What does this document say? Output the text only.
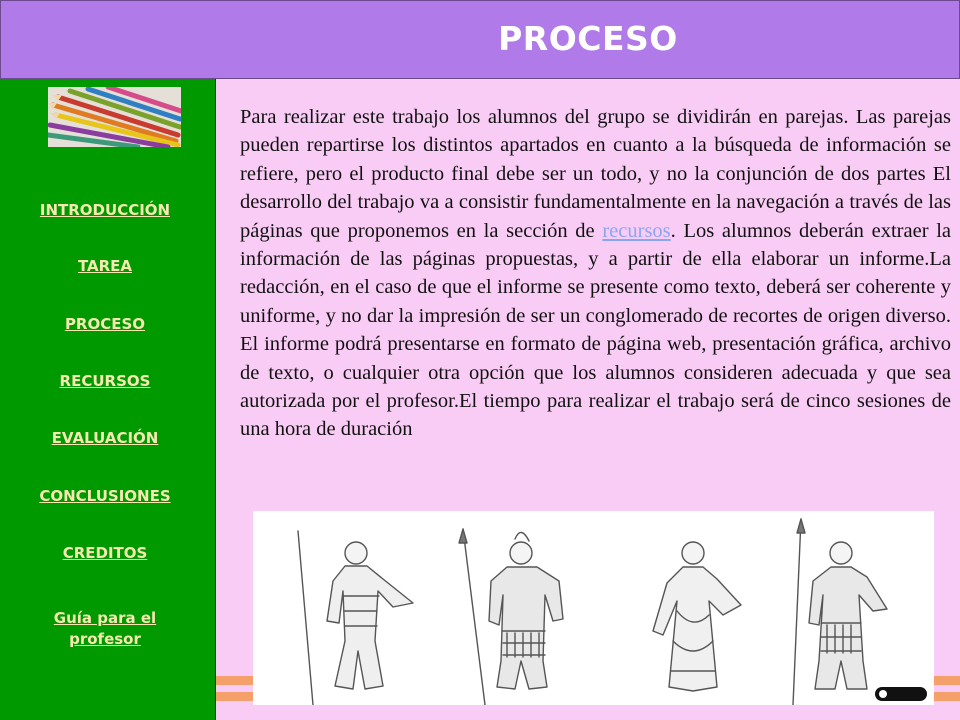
PROCESO
INTRODUCCIÓN
TAREA
PROCESO
RECURSOS
EVALUACIÓN
CONCLUSIONES
CREDITOS
Guía para el
profesor

Para realizar este trabajo los alumnos del grupo se dividirán en parejas. Las parejas pueden repartirse los distintos apartados en cuanto a la búsqueda de información se refiere, pero el producto final debe ser un todo, y no la conjunción de dos partes El desarrollo del trabajo va a consistir fundamentalmente en la navegación a través de las páginas que proponemos en la sección de recursos. Los alumnos deberán extraer la información de las páginas propuestas, y a partir de ella elaborar un informe.La redacción, en el caso de que el informe se presente como texto, deberá ser coherente y uniforme, y no dar la impresión de ser un conglomerado de recortes de origen diverso. El informe podrá presentarse en formato de página web, presentación gráfica, archivo de texto, o cualquier otra opción que los alumnos consideren adecuada y que sea autorizada por el profesor.El tiempo para realizar el trabajo será de cinco sesiones de una hora de duración
